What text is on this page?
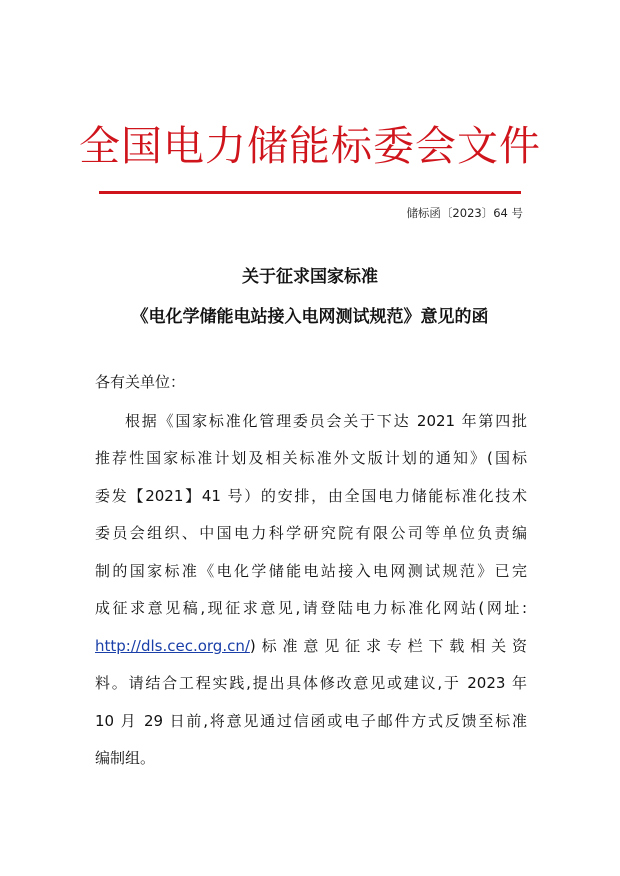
全国电力储能标委会文件
储标函〔2023〕64 号
关于征求国家标准
《电化学储能电站接入电网测试规范》意见的函
各有关单位：
根据《国家标准化管理委员会关于下达 2021 年第四批
推荐性国家标准计划及相关标准外文版计划的通知》(国标
委发【2021】41 号）的安排，由全国电力储能标准化技术
委员会组织、中国电力科学研究院有限公司等单位负责编
制的国家标准《电化学储能电站接入电网测试规范》已完
成征求意见稿,现征求意见,请登陆电力标准化网站(网址:
http://dls.cec.org.cn/)标准意见征求专栏下载相关资
料。请结合工程实践,提出具体修改意见或建议,于 2023 年
10 月 29 日前,将意见通过信函或电子邮件方式反馈至标准
编制组。
